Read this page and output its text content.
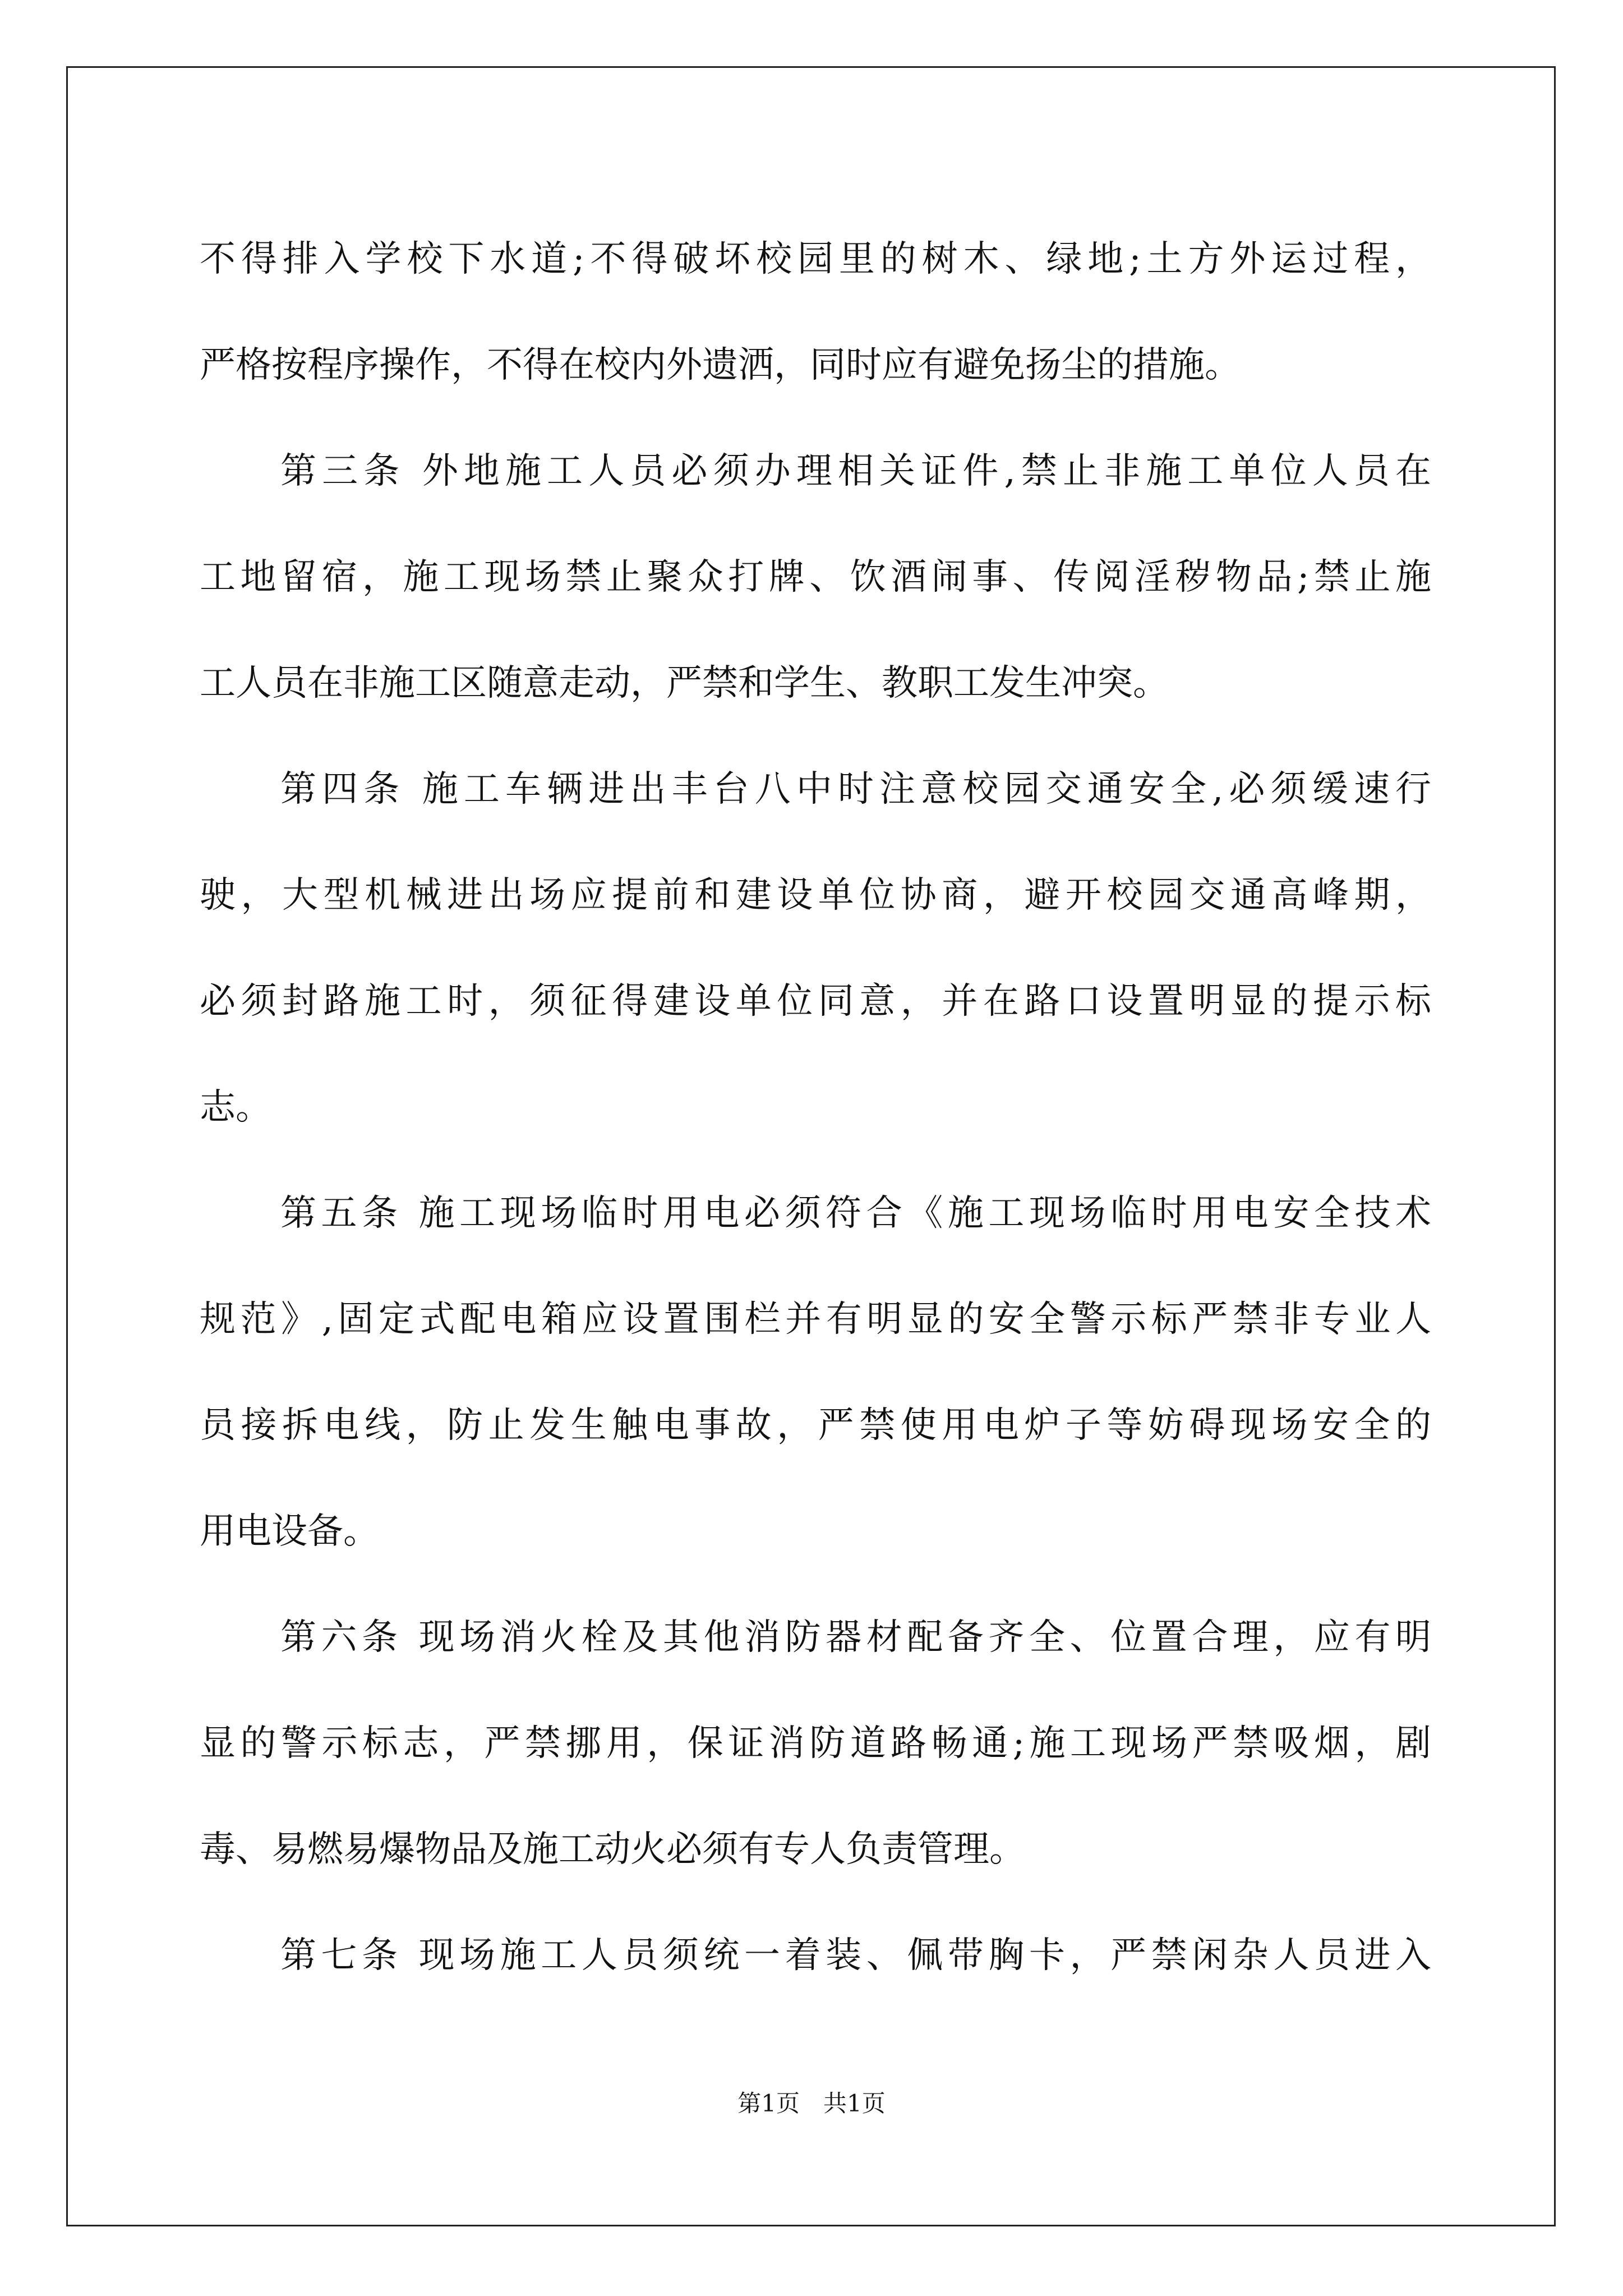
不得排入学校下水道;不得破坏校园里的树木、绿地;土方外运过程，
严格按程序操作，不得在校内外遗洒，同时应有避免扬尘的措施。
第三条 外地施工人员必须办理相关证件,禁止非施工单位人员在
工地留宿，施工现场禁止聚众打牌、饮酒闹事、传阅淫秽物品;禁止施
工人员在非施工区随意走动，严禁和学生、教职工发生冲突。
第四条 施工车辆进出丰台八中时注意校园交通安全,必须缓速行
驶，大型机械进出场应提前和建设单位协商，避开校园交通高峰期，
必须封路施工时，须征得建设单位同意，并在路口设置明显的提示标
志。
第五条 施工现场临时用电必须符合《施工现场临时用电安全技术
规范》,固定式配电箱应设置围栏并有明显的安全警示标严禁非专业人
员接拆电线，防止发生触电事故，严禁使用电炉子等妨碍现场安全的
用电设备。
第六条 现场消火栓及其他消防器材配备齐全、位置合理，应有明
显的警示标志，严禁挪用，保证消防道路畅通;施工现场严禁吸烟，剧
毒、易燃易爆物品及施工动火必须有专人负责管理。
第七条 现场施工人员须统一着装、佩带胸卡，严禁闲杂人员进入
第1页　共1页
